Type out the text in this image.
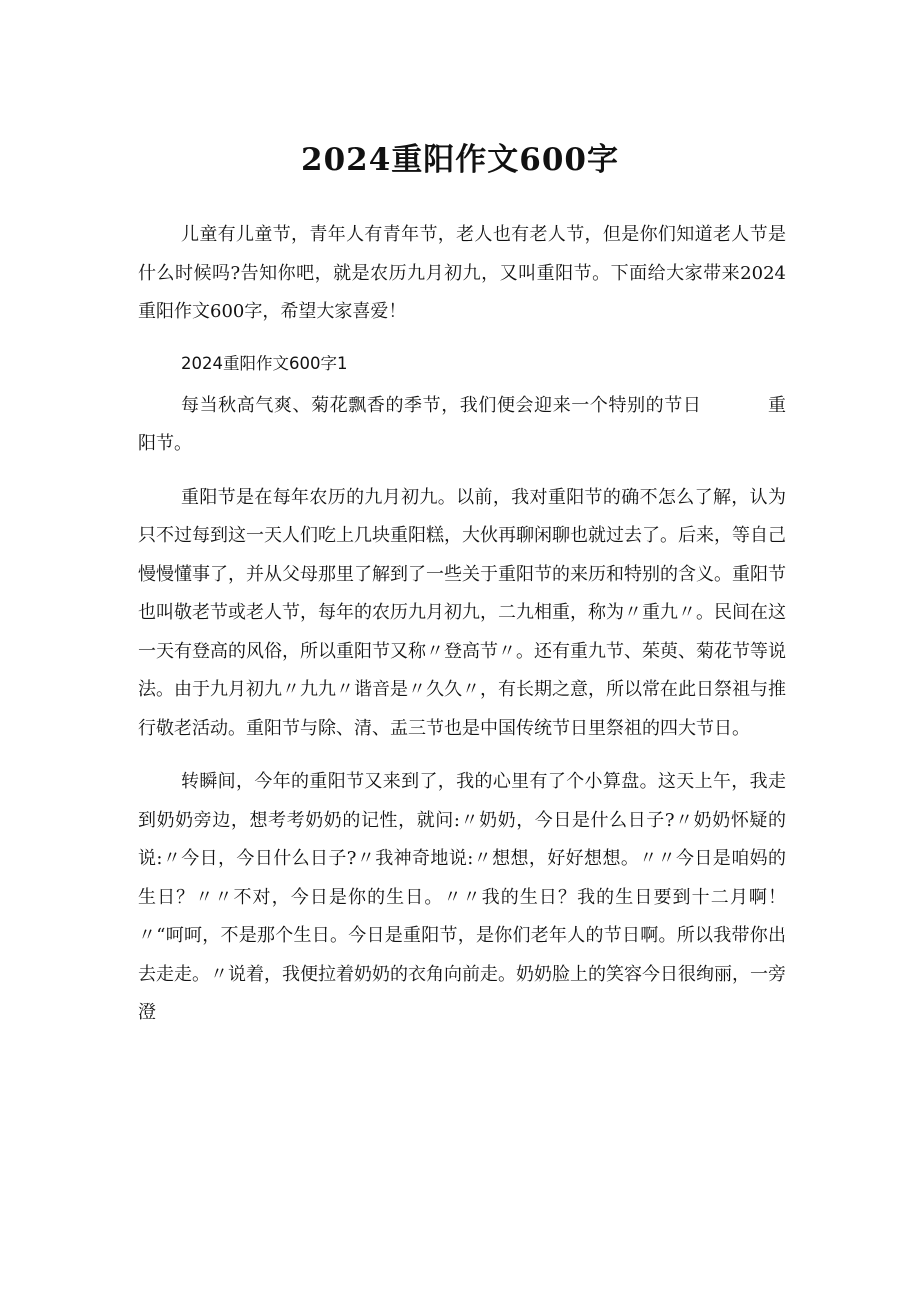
2024重阳作文600字

儿童有儿童节，青年人有青年节，老人也有老人节，但是你们知道老人节是什么时候吗?告知你吧，就是农历九月初九，又叫重阳节。下面给大家带来2024重阳作文600字，希望大家喜爱！

2024重阳作文600字1

每当秋高气爽、菊花飘香的季节，我们便会迎来一个特别的节日	重阳节。

重阳节是在每年农历的九月初九。以前，我对重阳节的确不怎么了解，认为只不过每到这一天人们吃上几块重阳糕，大伙再聊闲聊也就过去了。后来，等自己慢慢懂事了，并从父母那里了解到了一些关于重阳节的来历和特别的含义。重阳节也叫敬老节或老人节，每年的农历九月初九，二九相重，称为〃重九〃。民间在这一天有登高的风俗，所以重阳节又称〃登高节〃。还有重九节、茱萸、菊花节等说法。由于九月初九〃九九〃谐音是〃久久〃，有长期之意，所以常在此日祭祖与推行敬老活动。重阳节与除、清、盂三节也是中国传统节日里祭祖的四大节日。

转瞬间，今年的重阳节又来到了，我的心里有了个小算盘。这天上午，我走到奶奶旁边，想考考奶奶的记性，就问:〃奶奶，今日是什么日子?〃奶奶怀疑的说:〃今日，今日什么日子?〃我神奇地说:〃想想，好好想想。〃〃今日是咱妈的生日？〃〃不对，今日是你的生日。〃〃我的生日？我的生日要到十二月啊！〃“呵呵，不是那个生日。今日是重阳节，是你们老年人的节日啊。所以我带你出去走走。〃说着，我便拉着奶奶的衣角向前走。奶奶脸上的笑容今日很绚丽，一旁澄
